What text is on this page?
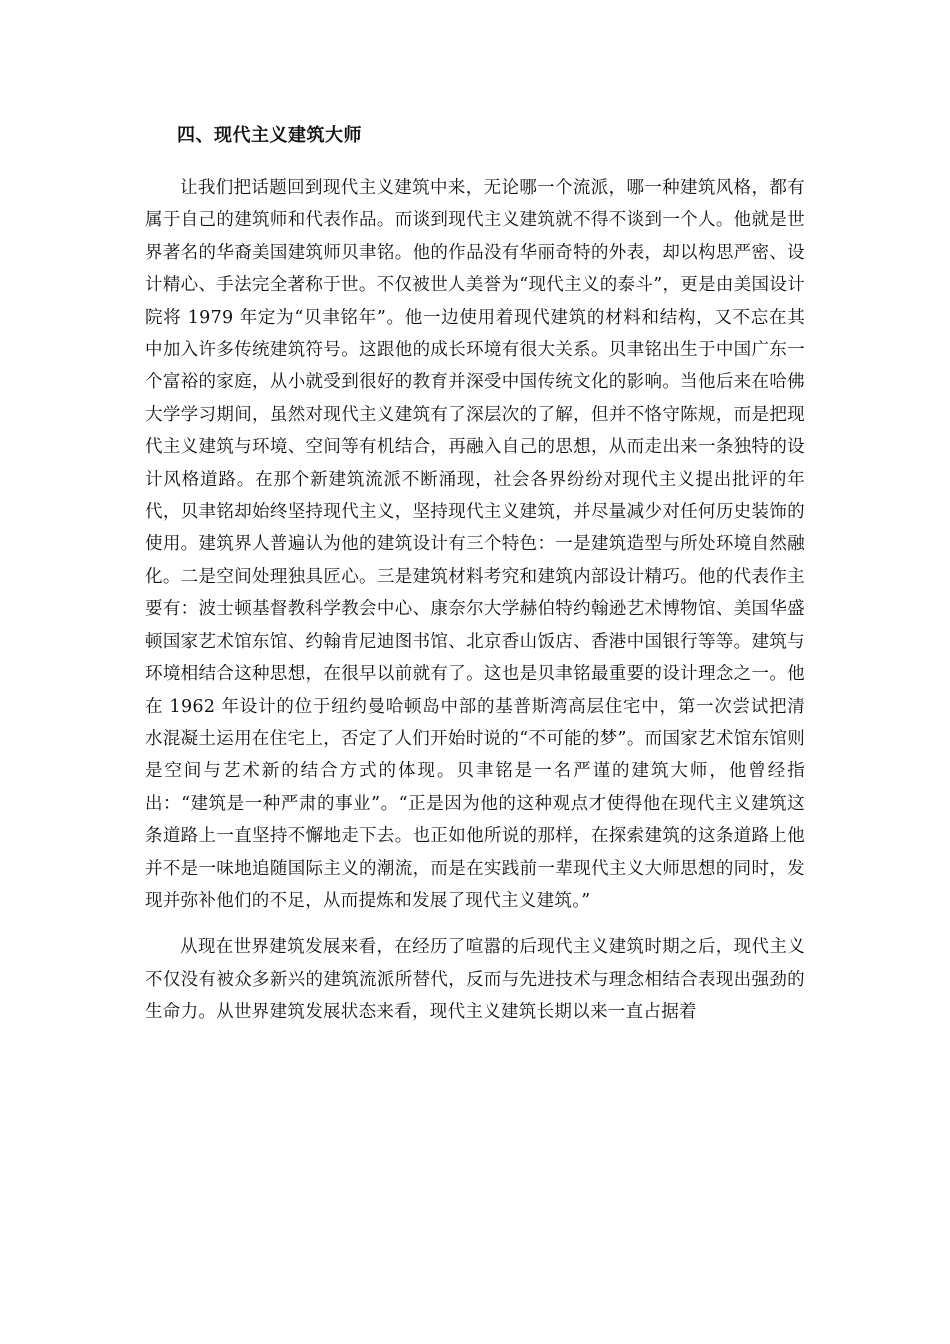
四、现代主义建筑大师

让我们把话题回到现代主义建筑中来，无论哪一个流派，哪一种建筑风格，都有属于自己的建筑师和代表作品。而谈到现代主义建筑就不得不谈到一个人。他就是世界著名的华裔美国建筑师贝聿铭。他的作品没有华丽奇特的外表，却以构思严密、设计精心、手法完全著称于世。不仅被世人美誉为“现代主义的泰斗”，更是由美国设计院将 1979 年定为“贝聿铭年”。他一边使用着现代建筑的材料和结构，又不忘在其中加入许多传统建筑符号。这跟他的成长环境有很大关系。贝聿铭出生于中国广东一个富裕的家庭，从小就受到很好的教育并深受中国传统文化的影响。当他后来在哈佛大学学习期间，虽然对现代主义建筑有了深层次的了解，但并不恪守陈规，而是把现代主义建筑与环境、空间等有机结合，再融入自己的思想，从而走出来一条独特的设计风格道路。在那个新建筑流派不断涌现，社会各界纷纷对现代主义提出批评的年代，贝聿铭却始终坚持现代主义，坚持现代主义建筑，并尽量减少对任何历史装饰的使用。建筑界人普遍认为他的建筑设计有三个特色：一是建筑造型与所处环境自然融化。二是空间处理独具匠心。三是建筑材料考究和建筑内部设计精巧。他的代表作主要有：波士顿基督教科学教会中心、康奈尔大学赫伯特约翰逊艺术博物馆、美国华盛顿国家艺术馆东馆、约翰肯尼迪图书馆、北京香山饭店、香港中国银行等等。建筑与环境相结合这种思想，在很早以前就有了。这也是贝聿铭最重要的设计理念之一。他在 1962 年设计的位于纽约曼哈顿岛中部的基普斯湾高层住宅中，第一次尝试把清水混凝土运用在住宅上，否定了人们开始时说的“不可能的梦”。而国家艺术馆东馆则是空间与艺术新的结合方式的体现。贝聿铭是一名严谨的建筑大师，他曾经指出：“建筑是一种严肃的事业”。“正是因为他的这种观点才使得他在现代主义建筑这条道路上一直坚持不懈地走下去。也正如他所说的那样，在探索建筑的这条道路上他并不是一味地追随国际主义的潮流，而是在实践前一辈现代主义大师思想的同时，发现并弥补他们的不足，从而提炼和发展了现代主义建筑。”

从现在世界建筑发展来看，在经历了喧嚣的后现代主义建筑时期之后，现代主义不仅没有被众多新兴的建筑流派所替代，反而与先进技术与理念相结合表现出强劲的生命力。从世界建筑发展状态来看，现代主义建筑长期以来一直占据着
